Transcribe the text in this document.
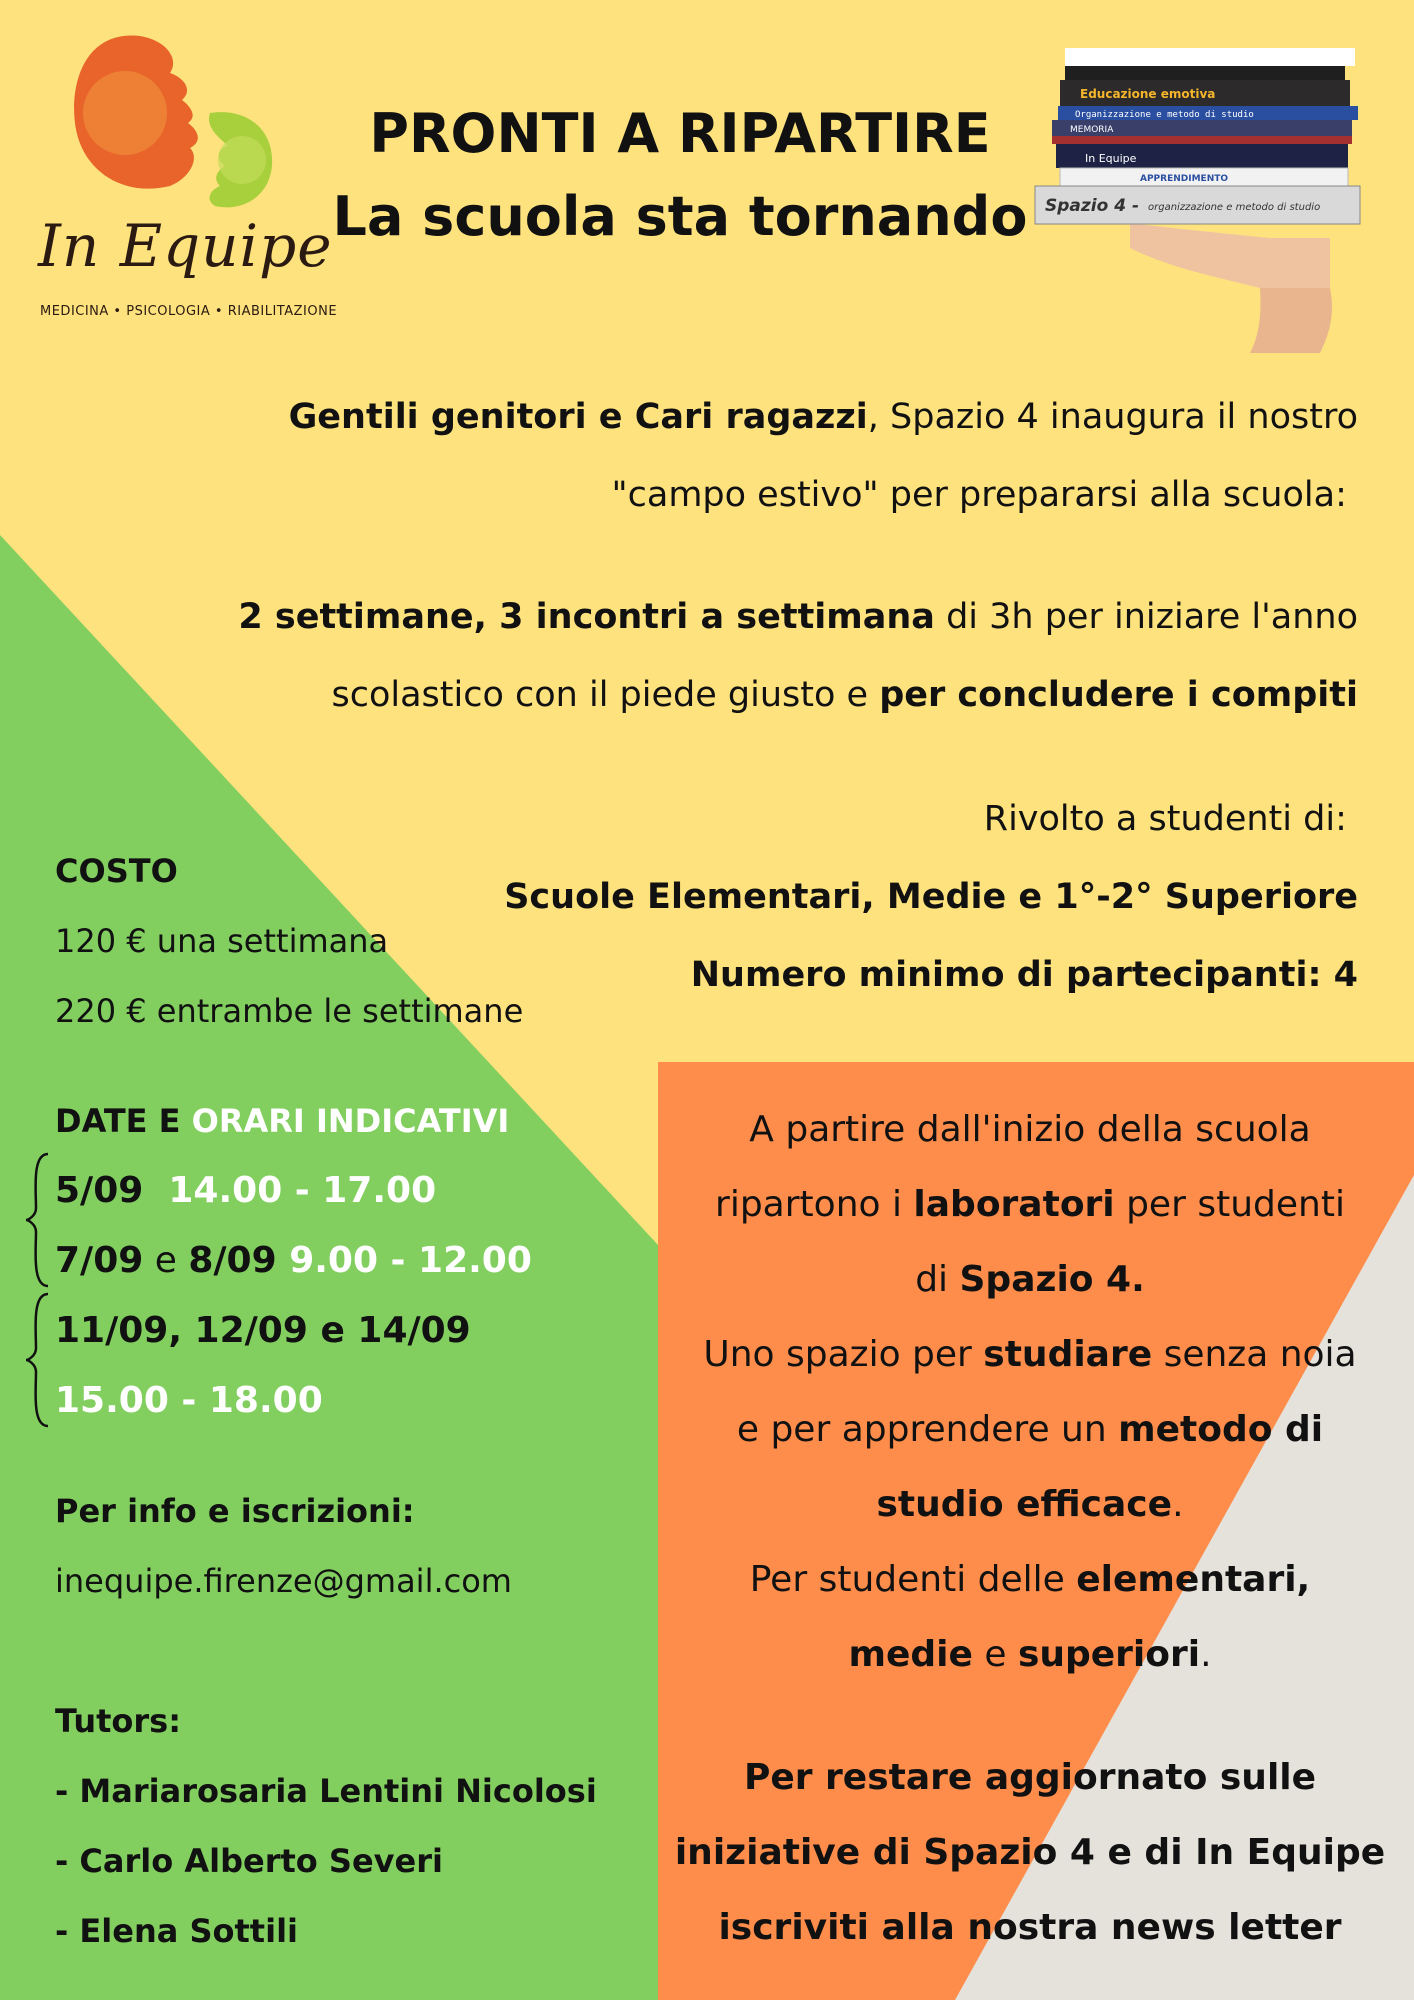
In Equipe
MEDICINA • PSICOLOGIA • RIABILITAZIONE
PRONTI A RIPARTIRE
La scuola sta tornando
Educazione emotiva
Organizzazione e metodo di studio
MEMORIA
In Equipe
APPRENDIMENTO
Spazio 4 - organizzazione e metodo di studio
Gentili genitori e Cari ragazzi, Spazio 4 inaugura il nostro
"campo estivo" per prepararsi alla scuola:
2 settimane, 3 incontri a settimana di 3h per iniziare l'anno
scolastico con il piede giusto e per concludere i compiti
Rivolto a studenti di:
Scuole Elementari, Medie e 1°-2° Superiore
Numero minimo di partecipanti: 4
COSTO
120 € una settimana
220 € entrambe le settimane
DATE E ORARI INDICATIVI
5/09 14.00 - 17.00
7/09 e 8/09 9.00 - 12.00
11/09, 12/09 e 14/09
15.00 - 18.00
Per info e iscrizioni:
inequipe.firenze@gmail.com
Tutors:
- Mariarosaria Lentini Nicolosi
- Carlo Alberto Severi
- Elena Sottili
A partire dall'inizio della scuola
ripartono i laboratori per studenti
di Spazio 4.
Uno spazio per studiare senza noia
e per apprendere un metodo di
studio efficace.
Per studenti delle elementari,
medie e superiori.
Per restare aggiornato sulle
iniziative di Spazio 4 e di In Equipe
iscriviti alla nostra news letter
